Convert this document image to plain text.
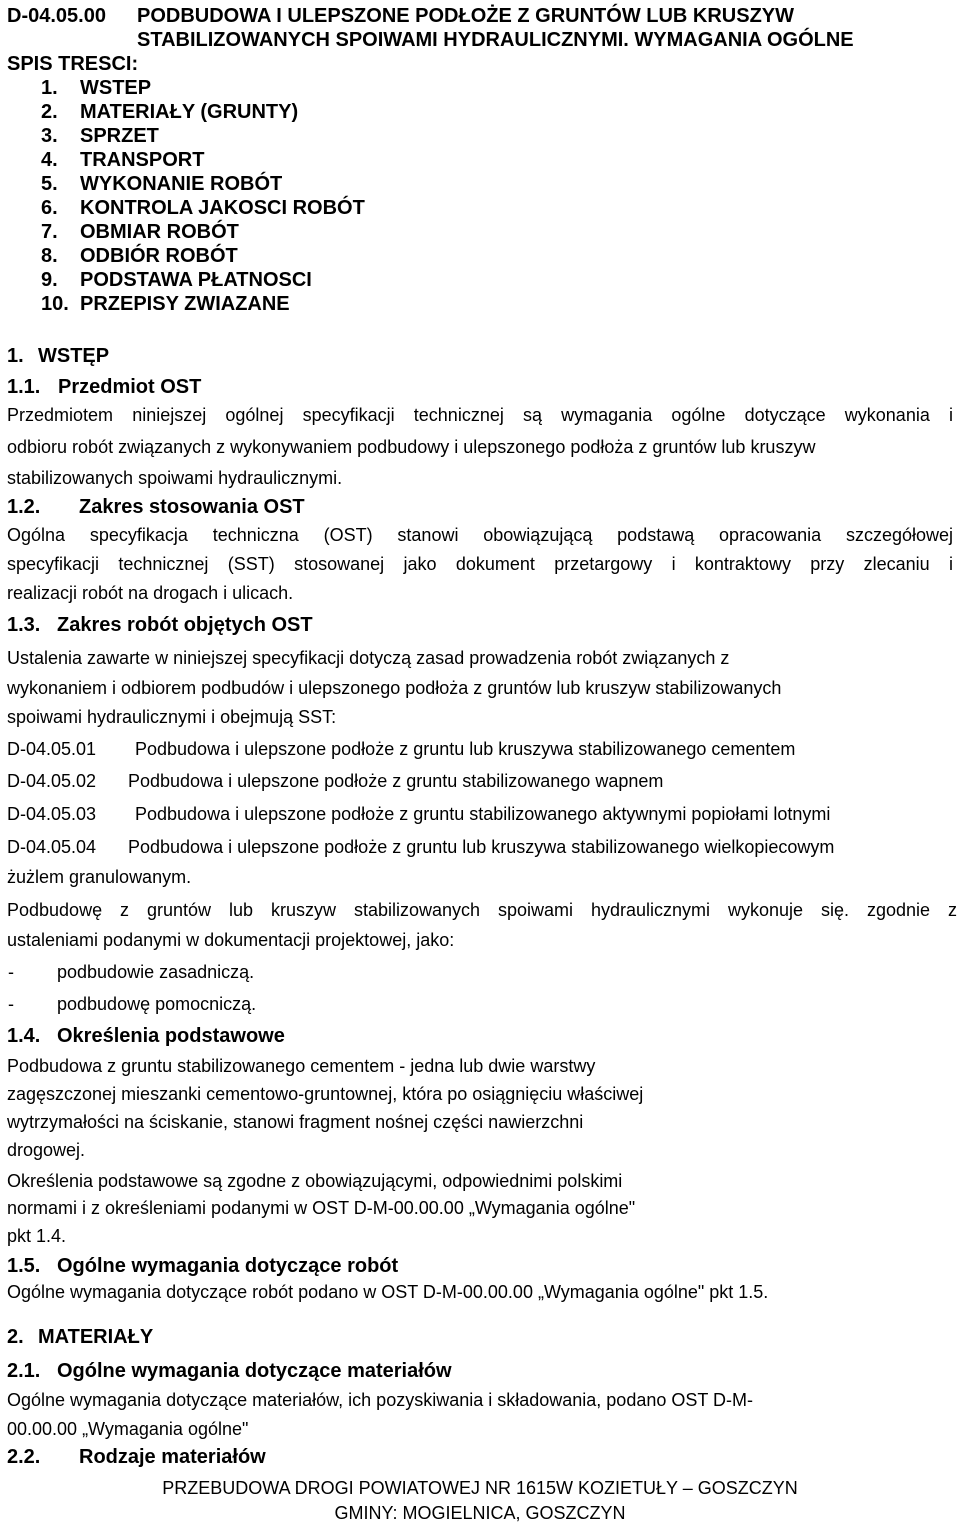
D-04.05.00 PODBUDOWA I ULEPSZONE PODŁOŻE Z GRUNTÓW LUB KRUSZYW
STABILIZOWANYCH SPOIWAMI HYDRAULICZNYMI. WYMAGANIA OGÓLNE
SPIS TRESCI:
1. WSTEP
2. MATERIAŁY (GRUNTY)
3. SPRZET
4. TRANSPORT
5. WYKONANIE ROBÓT
6. KONTROLA JAKOSCI ROBÓT
7. OBMIAR ROBÓT
8. ODBIÓR ROBÓT
9. PODSTAWA PŁATNOSCI
10. PRZEPISY ZWIAZANE
1. WSTĘP
1.1. Przedmiot OST
Przedmiotem niniejszej ogólnej specyfikacji technicznej są wymagania ogólne dotyczące wykonania i
odbioru robót związanych z wykonywaniem podbudowy i ulepszonego podłoża z gruntów lub kruszyw
stabilizowanych spoiwami hydraulicznymi.
1.2. Zakres stosowania OST
Ogólna specyfikacja techniczna (OST) stanowi obowiązującą podstawą opracowania szczegółowej
specyfikacji technicznej (SST) stosowanej jako dokument przetargowy i kontraktowy przy zlecaniu i
realizacji robót na drogach i ulicach.
1.3. Zakres robót objętych OST
Ustalenia zawarte w niniejszej specyfikacji dotyczą zasad prowadzenia robót związanych z
wykonaniem i odbiorem podbudów i ulepszonego podłoża z gruntów lub kruszyw stabilizowanych
spoiwami hydraulicznymi i obejmują SST:
D-04.05.01 Podbudowa i ulepszone podłoże z gruntu lub kruszywa stabilizowanego cementem
D-04.05.02 Podbudowa i ulepszone podłoże z gruntu stabilizowanego wapnem
D-04.05.03 Podbudowa i ulepszone podłoże z gruntu stabilizowanego aktywnymi popiołami lotnymi
D-04.05.04 Podbudowa i ulepszone podłoże z gruntu lub kruszywa stabilizowanego wielkopiecowym
żużlem granulowanym.
Podbudowę z gruntów lub kruszyw stabilizowanych spoiwami hydraulicznymi wykonuje się. zgodnie z
ustaleniami podanymi w dokumentacji projektowej, jako:
- podbudowie zasadniczą.
- podbudowę pomocniczą.
1.4. Określenia podstawowe
Podbudowa z gruntu stabilizowanego cementem - jedna lub dwie warstwy
zagęszczonej mieszanki cementowo-gruntownej, która po osiągnięciu właściwej
wytrzymałości na ściskanie, stanowi fragment nośnej części nawierzchni
drogowej.
Określenia podstawowe są zgodne z obowiązującymi, odpowiednimi polskimi
normami i z określeniami podanymi w OST D-M-00.00.00 „Wymagania ogólne"
pkt 1.4.
1.5. Ogólne wymagania dotyczące robót
Ogólne wymagania dotyczące robót podano w OST D-M-00.00.00 „Wymagania ogólne" pkt 1.5.
2. MATERIAŁY
2.1. Ogólne wymagania dotyczące materiałów
Ogólne wymagania dotyczące materiałów, ich pozyskiwania i składowania, podano OST D-M-
00.00.00 „Wymagania ogólne"
2.2. Rodzaje materiałów
PRZEBUDOWA DROGI POWIATOWEJ NR 1615W KOZIETUŁY – GOSZCZYN
GMINY: MOGIELNICA, GOSZCZYN
